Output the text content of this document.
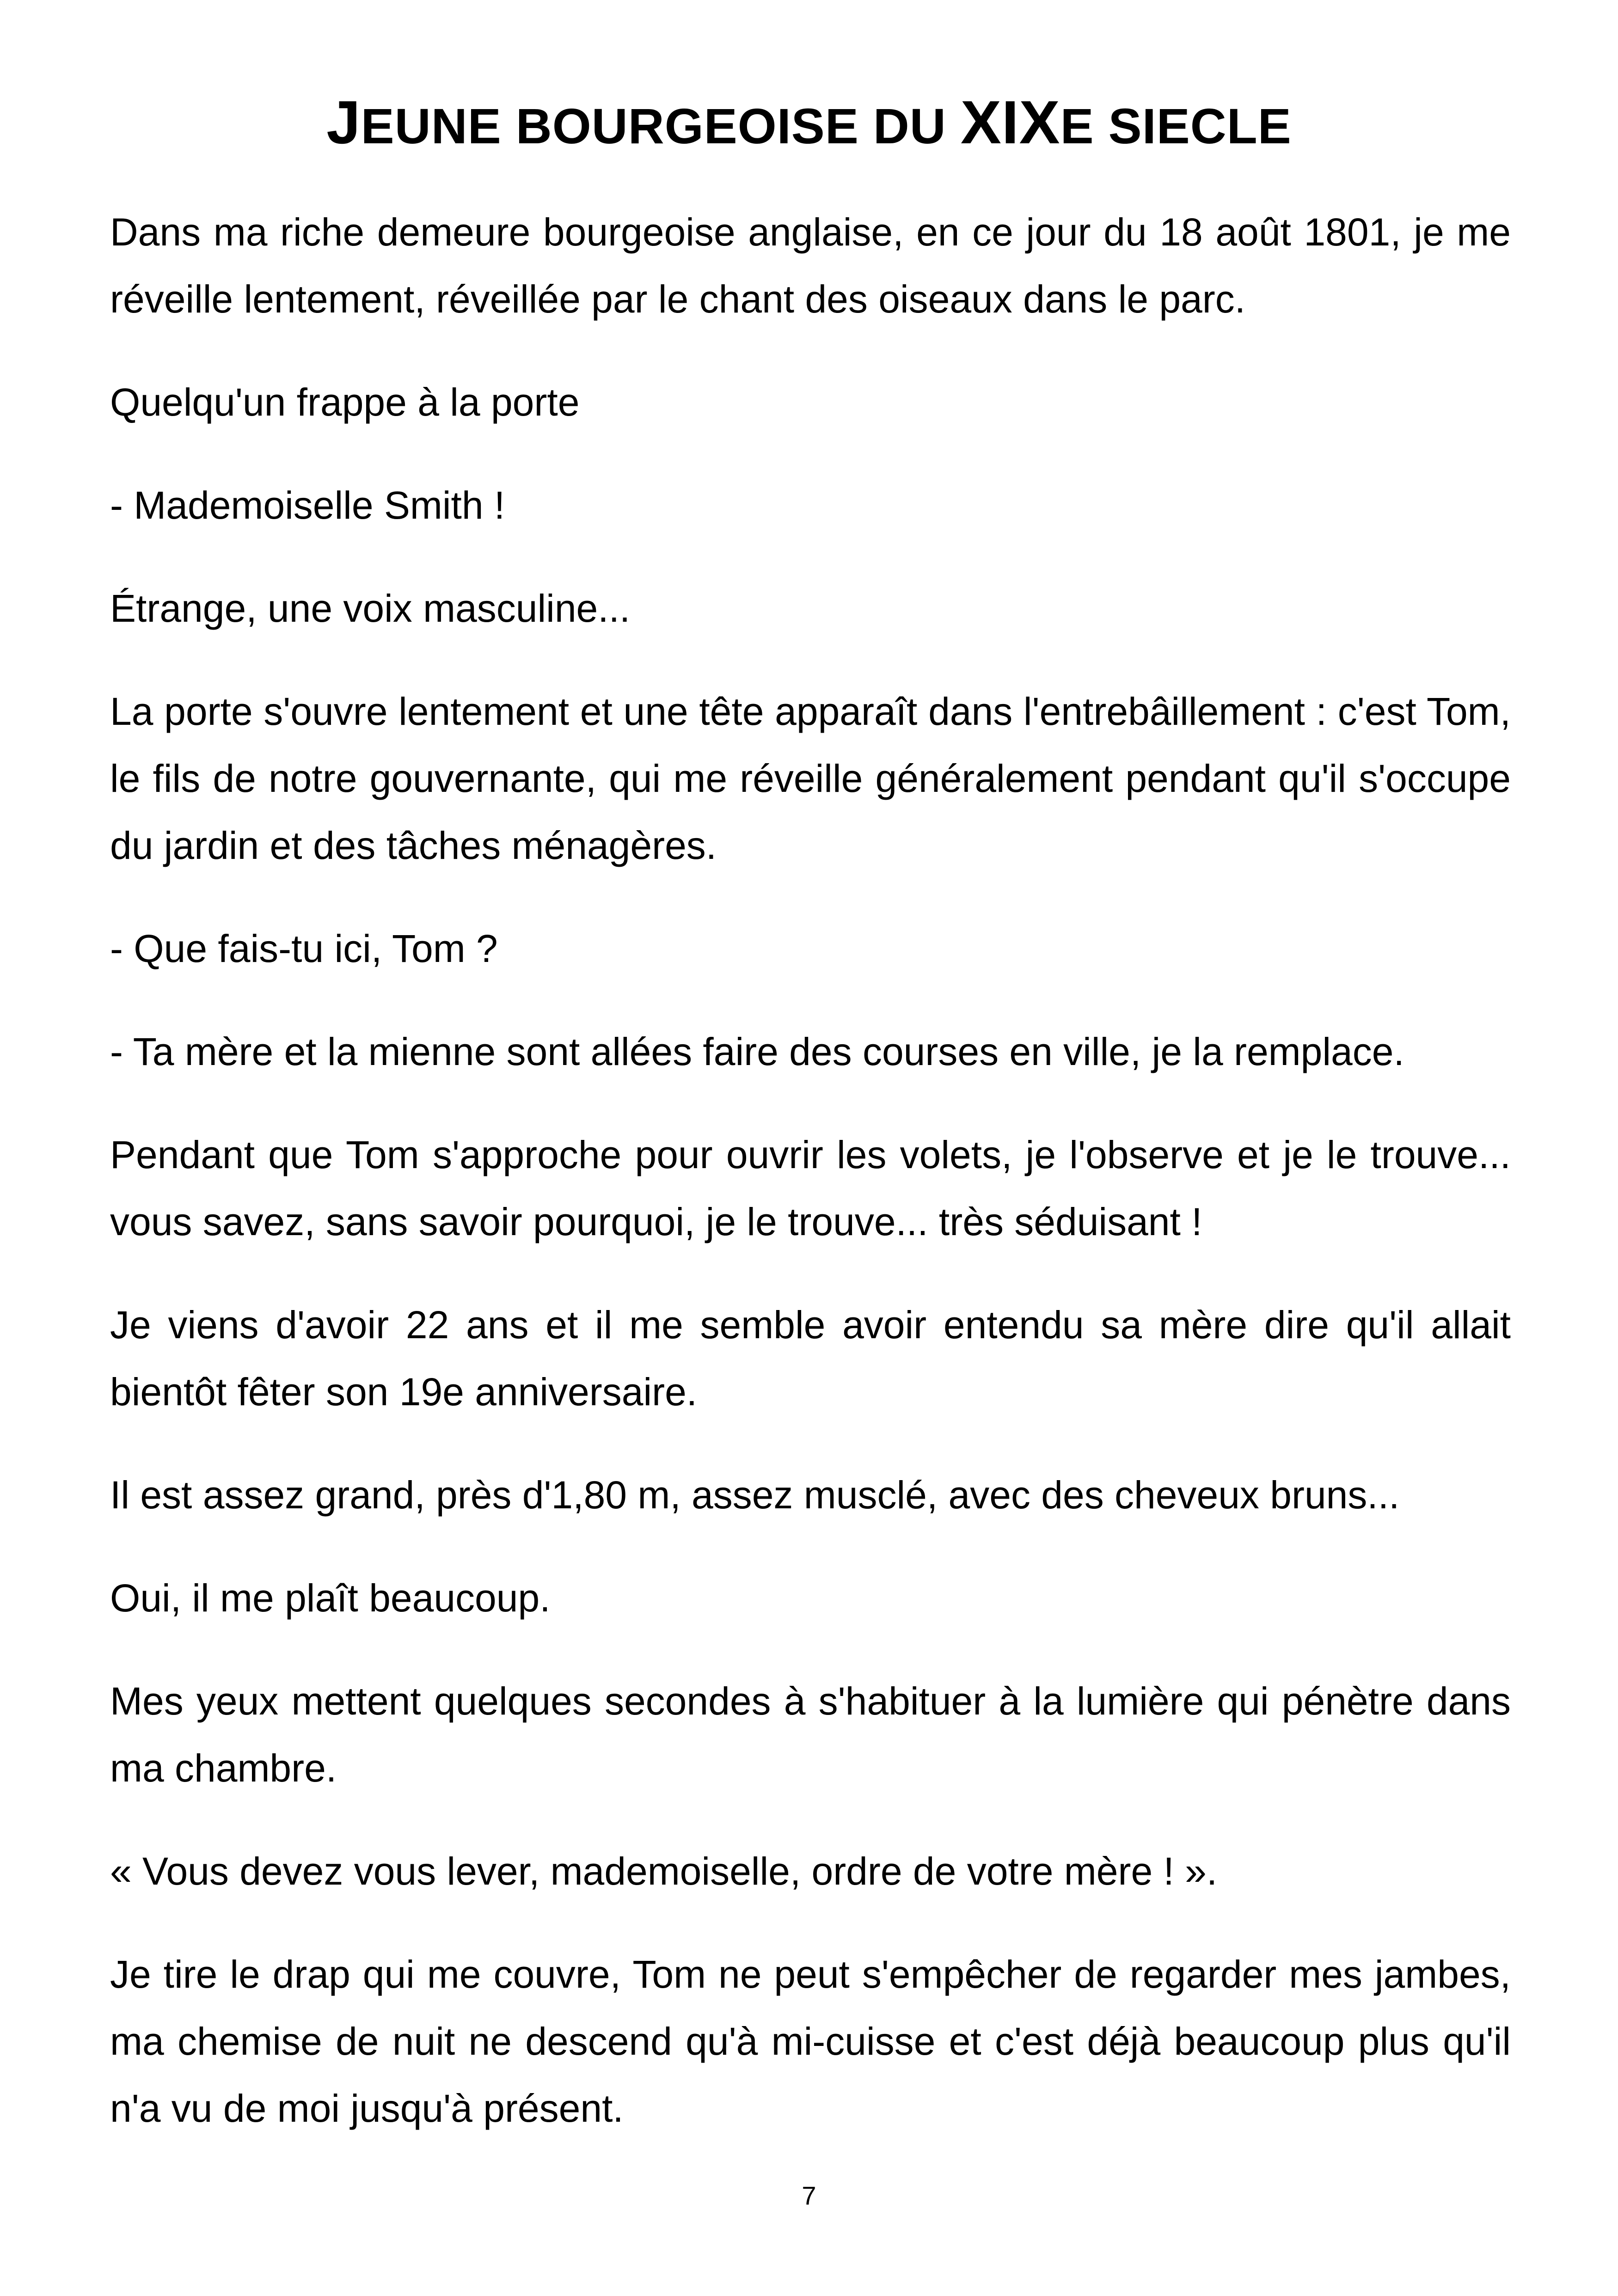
JEUNE BOURGEOISE DU XIXE SIECLE

Dans ma riche demeure bourgeoise anglaise, en ce jour du 18 août 1801, je me réveille lentement, réveillée par le chant des oiseaux dans le parc.

Quelqu'un frappe à la porte

- Mademoiselle Smith !

Étrange, une voix masculine...

La porte s'ouvre lentement et une tête apparaît dans l'entrebâillement : c'est Tom, le fils de notre gouvernante, qui me réveille généralement pendant qu'il s'occupe du jardin et des tâches ménagères.

- Que fais-tu ici, Tom ?

- Ta mère et la mienne sont allées faire des courses en ville, je la remplace.

Pendant que Tom s'approche pour ouvrir les volets, je l'observe et je le trouve... vous savez, sans savoir pourquoi, je le trouve... très séduisant !

Je viens d'avoir 22 ans et il me semble avoir entendu sa mère dire qu'il allait bientôt fêter son 19e anniversaire.

Il est assez grand, près d'1,80 m, assez musclé, avec des cheveux bruns...

Oui, il me plaît beaucoup.

Mes yeux mettent quelques secondes à s'habituer à la lumière qui pénètre dans ma chambre.

« Vous devez vous lever, mademoiselle, ordre de votre mère ! ».

Je tire le drap qui me couvre, Tom ne peut s'empêcher de regarder mes jambes, ma chemise de nuit ne descend qu'à mi-cuisse et c'est déjà beaucoup plus qu'il n'a vu de moi jusqu'à présent.

7
